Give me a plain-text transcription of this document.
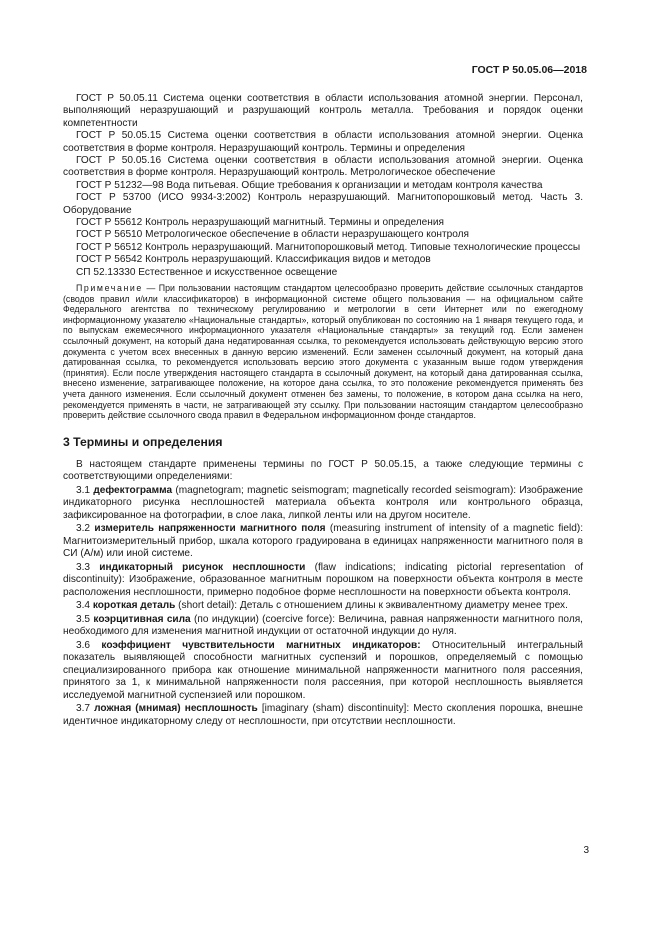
ГОСТ Р 50.05.06—2018

ГОСТ Р 50.05.11 Система оценки соответствия в области использования атомной энергии. Персонал, выполняющий неразрушающий и разрушающий контроль металла. Требования и порядок оценки компетентности

ГОСТ Р 50.05.15 Система оценки соответствия в области использования атомной энергии. Оценка соответствия в форме контроля. Неразрушающий контроль. Термины и определения

ГОСТ Р 50.05.16 Система оценки соответствия в области использования атомной энергии. Оценка соответствия в форме контроля. Неразрушающий контроль. Метрологическое обеспечение

ГОСТ Р 51232—98 Вода питьевая. Общие требования к организации и методам контроля качества

ГОСТ Р 53700 (ИСО 9934-3:2002) Контроль неразрушающий. Магнитопорошковый метод. Часть 3. Оборудование

ГОСТ Р 55612 Контроль неразрушающий магнитный. Термины и определения

ГОСТ Р 56510 Метрологическое обеспечение в области неразрушающего контроля

ГОСТ Р 56512 Контроль неразрушающий. Магнитопорошковый метод. Типовые технологические процессы

ГОСТ Р 56542 Контроль неразрушающий. Классификация видов и методов

СП 52.13330 Естественное и искусственное освещение

Примечание — При пользовании настоящим стандартом целесообразно проверить действие ссылочных стандартов (сводов правил и/или классификаторов) в информационной системе общего пользования — на официальном сайте Федерального агентства по техническому регулированию и метрологии в сети Интернет или по ежегодному информационному указателю «Национальные стандарты», который опубликован по состоянию на 1 января текущего года, и по выпускам ежемесячного информационного указателя «Национальные стандарты» за текущий год. Если заменен ссылочный документ, на который дана недатированная ссылка, то рекомендуется использовать действующую версию этого документа с учетом всех внесенных в данную версию изменений. Если заменен ссылочный документ, на который дана датированная ссылка, то рекомендуется использовать версию этого документа с указанным выше годом утверждения (принятия). Если после утверждения настоящего стандарта в ссылочный документ, на который дана датированная ссылка, внесено изменение, затрагивающее положение, на которое дана ссылка, то это положение рекомендуется применять без учета данного изменения. Если ссылочный документ отменен без замены, то положение, в котором дана ссылка на него, рекомендуется применять в части, не затрагивающей эту ссылку. При пользовании настоящим стандартом целесообразно проверить действие ссылочного свода правил в Федеральном информационном фонде стандартов.
3 Термины и определения

В настоящем стандарте применены термины по ГОСТ Р 50.05.15, а также следующие термины с соответствующими определениями:

3.1 дефектограмма (magnetogram; magnetic seismogram; magnetically recorded seismogram): Изображение индикаторного рисунка несплошностей материала объекта контроля или контрольного образца, зафиксированное на фотографии, в слое лака, липкой ленты или на другом носителе.

3.2 измеритель напряженности магнитного поля (measuring instrument of intensity of a magnetic field): Магнитоизмерительный прибор, шкала которого градуирована в единицах напряженности магнитного поля в СИ (А/м) или иной системе.

3.3 индикаторный рисунок несплошности (flaw indications; indicating pictorial representation of discontinuity): Изображение, образованное магнитным порошком на поверхности объекта контроля в месте расположения несплошности, примерно подобное форме несплошности на поверхности объекта контроля.

3.4 короткая деталь (short detail): Деталь с отношением длины к эквивалентному диаметру менее трех.

3.5 коэрцитивная сила (по индукции) (coercive force): Величина, равная напряженности магнитного поля, необходимого для изменения магнитной индукции от остаточной индукции до нуля.

3.6 коэффициент чувствительности магнитных индикаторов: Относительный интегральный показатель выявляющей способности магнитных суспензий и порошков, определяемый с помощью специализированного прибора как отношение минимальной напряженности магнитного поля рассеяния, принятого за 1, к минимальной напряженности поля рассеяния, при которой несплошность выявляется исследуемой магнитной суспензией или порошком.

3.7 ложная (мнимая) несплошность [imaginary (sham) discontinuity]: Место скопления порошка, внешне идентичное индикаторному следу от несплошности, при отсутствии несплошности.

3
